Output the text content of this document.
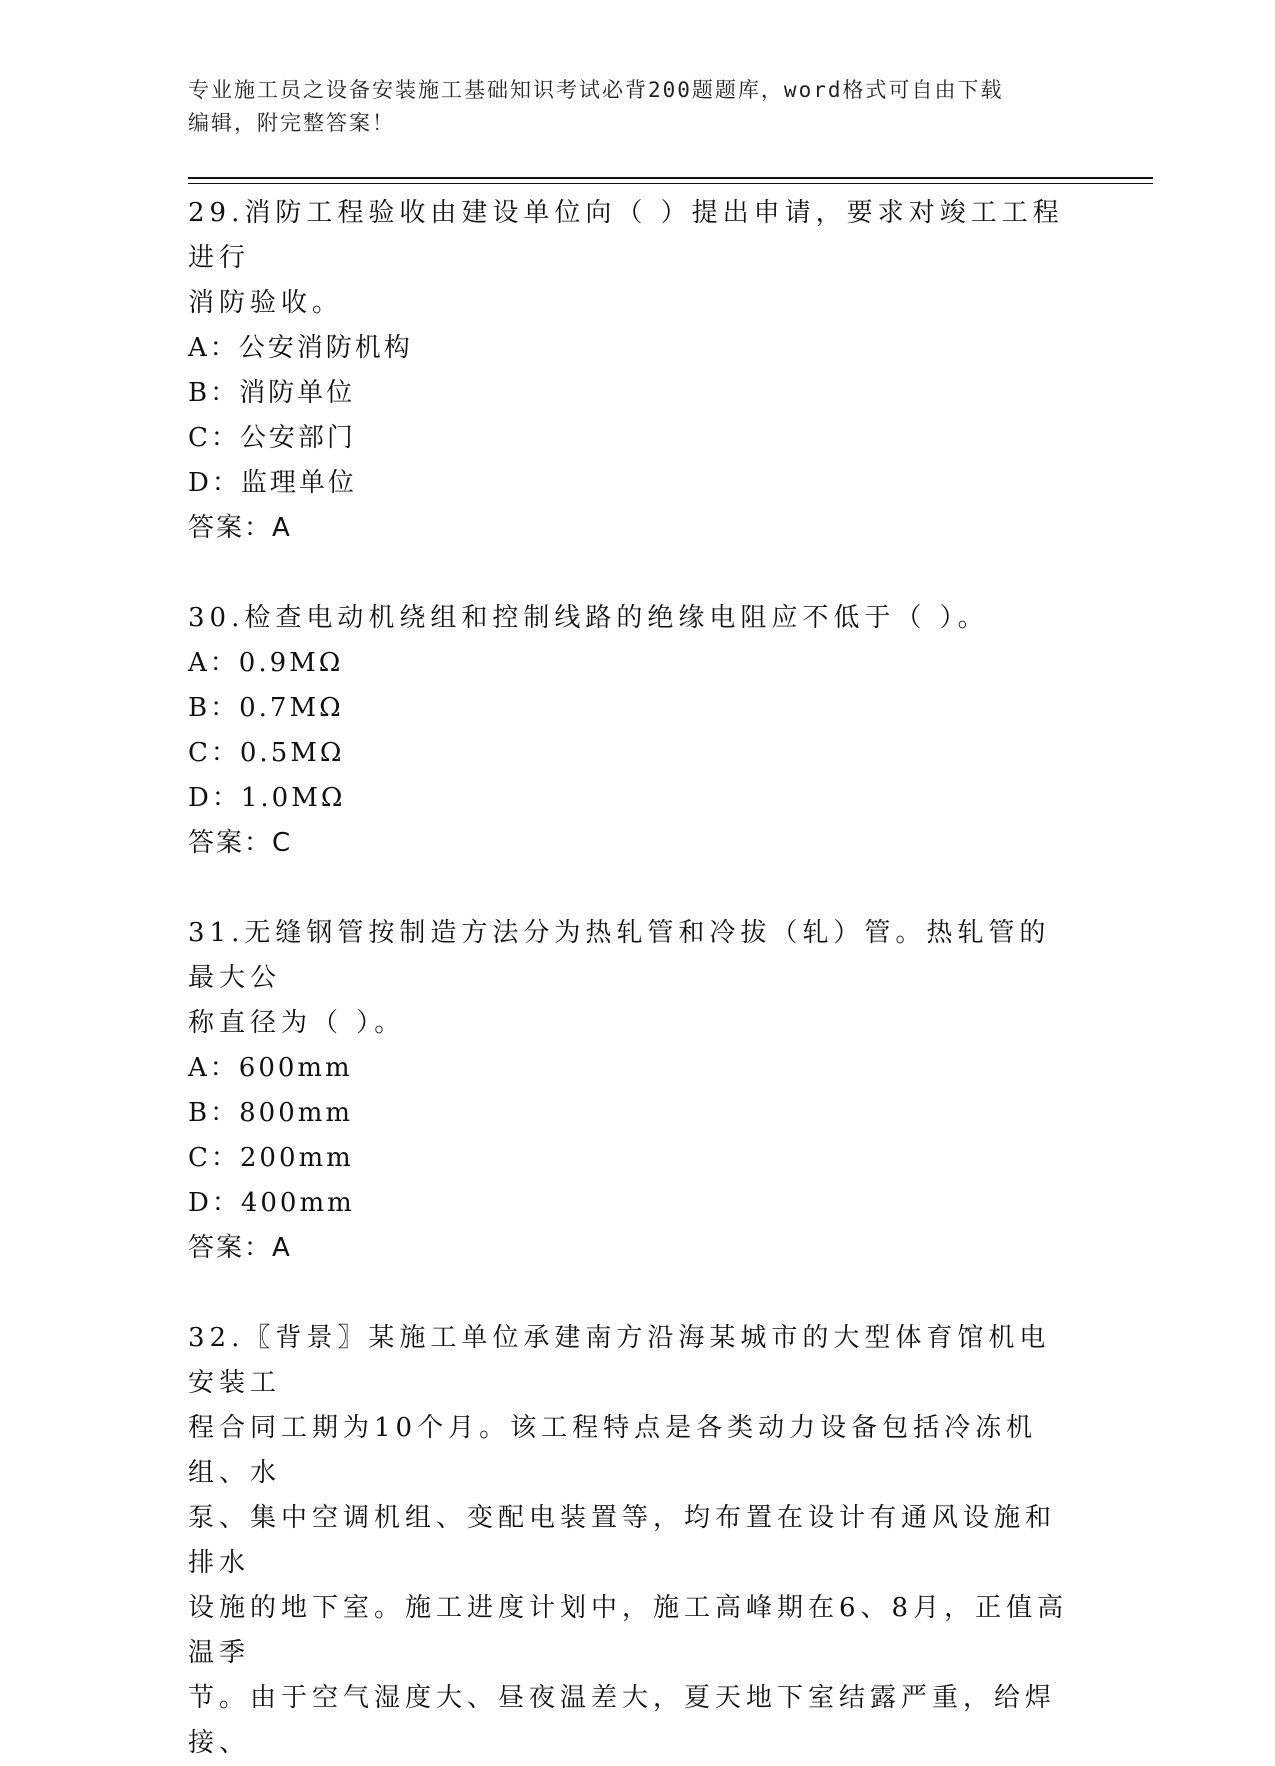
专业施工员之设备安装施工基础知识考试必背200题题库，word格式可自由下载
编辑，附完整答案！
29.消防工程验收由建设单位向（ ）提出申请，要求对竣工工程进行
消防验收。
A：公安消防机构
B：消防单位
C：公安部门
D：监理单位
答案：A
30.检查电动机绕组和控制线路的绝缘电阻应不低于（ ）。
A：0.9MΩ
B：0.7MΩ
C：0.5MΩ
D：1.0MΩ
答案：C
31.无缝钢管按制造方法分为热轧管和冷拔（轧）管。热轧管的最大公
称直径为（ ）。
A：600mm
B：800mm
C：200mm
D：400mm
答案：A
32.〖背景〗某施工单位承建南方沿海某城市的大型体育馆机电安装工
程合同工期为10个月。该工程特点是各类动力设备包括冷冻机组、水
泵、集中空调机组、变配电装置等，均布置在设计有通风设施和排水
设施的地下室。施工进度计划中，施工高峰期在6、8月，正值高温季
节。由于空气湿度大、昼夜温差大，夏天地下室结露严重，给焊接、
